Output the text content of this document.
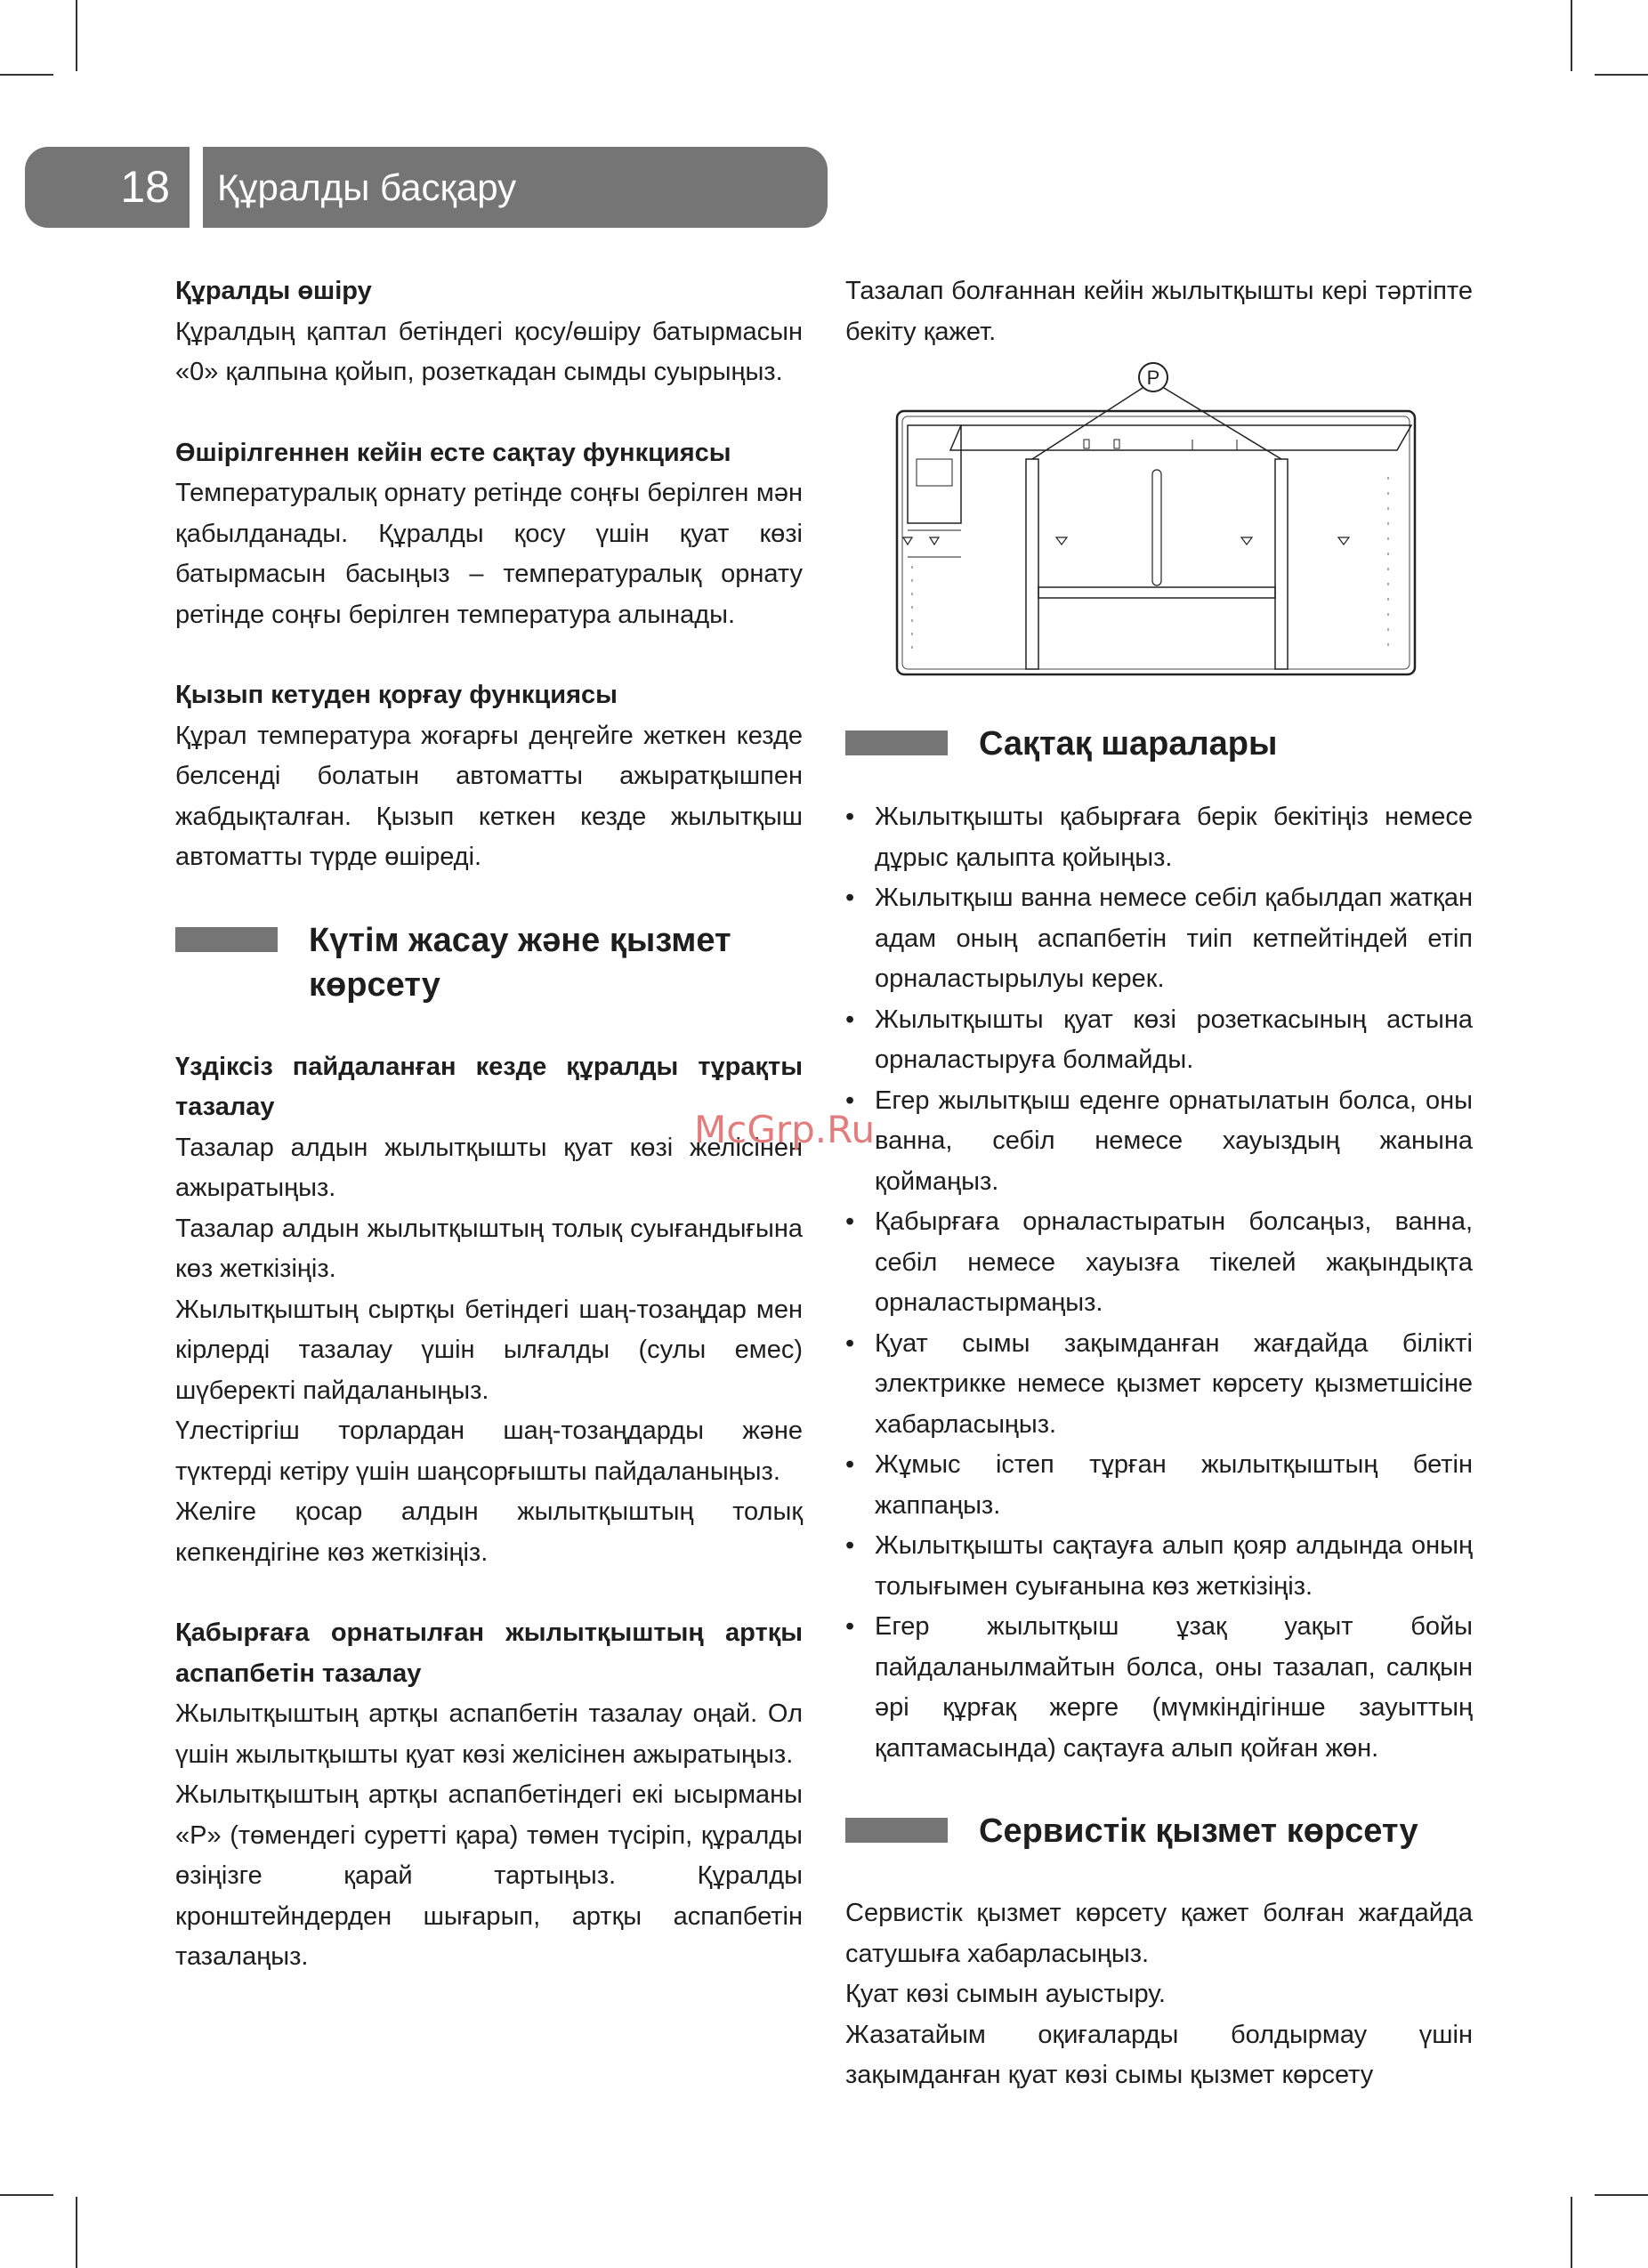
18	Құралды басқару

Құралды өшіру

Құралдың қаптал бетіндегі қосу/өшіру батырмасын «0» қалпына қойып, розеткадан сымды суырыңыз.

Өшірілгеннен кейін есте сақтау функциясы

Температуралық орнату ретінде соңғы берілген мән қабылданады. Құралды қосу үшін қуат көзі батырмасын басыңыз – температуралық орнату ретінде соңғы берілген температура алынады.

Қызып кетуден қорғау функциясы

Құрал температура жоғарғы деңгейге жеткен кезде белсенді болатын автоматты ажыратқышпен жабдықталған. Қызып кеткен кезде жылытқыш автоматты түрде өшіреді.

Күтім жасау және қызмет көрсету

Үздіксіз пайдаланған кезде құралды тұрақты тазалау

Тазалар алдын жылытқышты қуат көзі желісінен ажыратыңыз.

Тазалар алдын жылытқыштың толық суығандығына көз жеткізіңіз.

Жылытқыштың сыртқы бетіндегі шаң-тозаңдар мен кірлерді тазалау үшін ылғалды (сулы емес) шүберекті пайдаланыңыз.

Үлестіргіш торлардан шаң-тозаңдарды және түктерді кетіру үшін шаңсорғышты пайдаланыңыз.

Желіге қосар алдын жылытқыштың толық кепкендігіне көз жеткізіңіз.

Қабырғаға орнатылған жылытқыштың артқы аспапбетін тазалау

Жылытқыштың артқы аспапбетін тазалау оңай. Ол үшін жылытқышты қуат көзі желісінен ажыратыңыз.

Жылытқыштың артқы аспапбетіндегі екі ысырманы «P» (төмендегі суретті қара) төмен түсіріп, құралды өзіңізге қарай тартыңыз. Құралды кронштейндерден шығарып, артқы аспапбетін тазалаңыз.

Тазалап болғаннан кейін жылытқышты кері тәртіпте бекіту қажет.

P
Сақтақ шаралары
• Жылытқышты қабырғаға берік бекітіңіз немесе дұрыс қалыпта қойыңыз.
• Жылытқыш ванна немесе себіл қабылдап жатқан адам оның аспапбетін тиіп кетпейтіндей етіп орналастырылуы керек.
• Жылытқышты қуат көзі розеткасының астына орналастыруға болмайды.
• Егер жылытқыш еденге орнатылатын болса, оны ванна, себіл немесе хауыздың жанына қоймаңыз.
• Қабырғаға орналастыратын болсаңыз, ванна, себіл немесе хауызға тікелей жақындықта орналастырмаңыз.
• Қуат сымы зақымданған жағдайда білікті электрикке немесе қызмет көрсету қызметшісіне хабарласыңыз.
• Жұмыс істеп тұрған жылытқыштың бетін жаппаңыз.
• Жылытқышты сақтауға алып қояр алдында оның толығымен суығанына көз жеткізіңіз.
• Егер жылытқыш ұзақ уақыт бойы пайдаланылмайтын болса, оны тазалап, салқын әрі құрғақ жерге (мүмкіндігінше зауыттың қаптамасында) сақтауға алып қойған жөн.
Сервистік қызмет көрсету

Сервистік қызмет көрсету қажет болған жағдайда сатушыға хабарласыңыз.

Қуат көзі сымын ауыстыру.

Жазатайым оқиғаларды болдырмау үшін зақымданған қуат көзі сымы қызмет көрсету

McGrp.Ru
